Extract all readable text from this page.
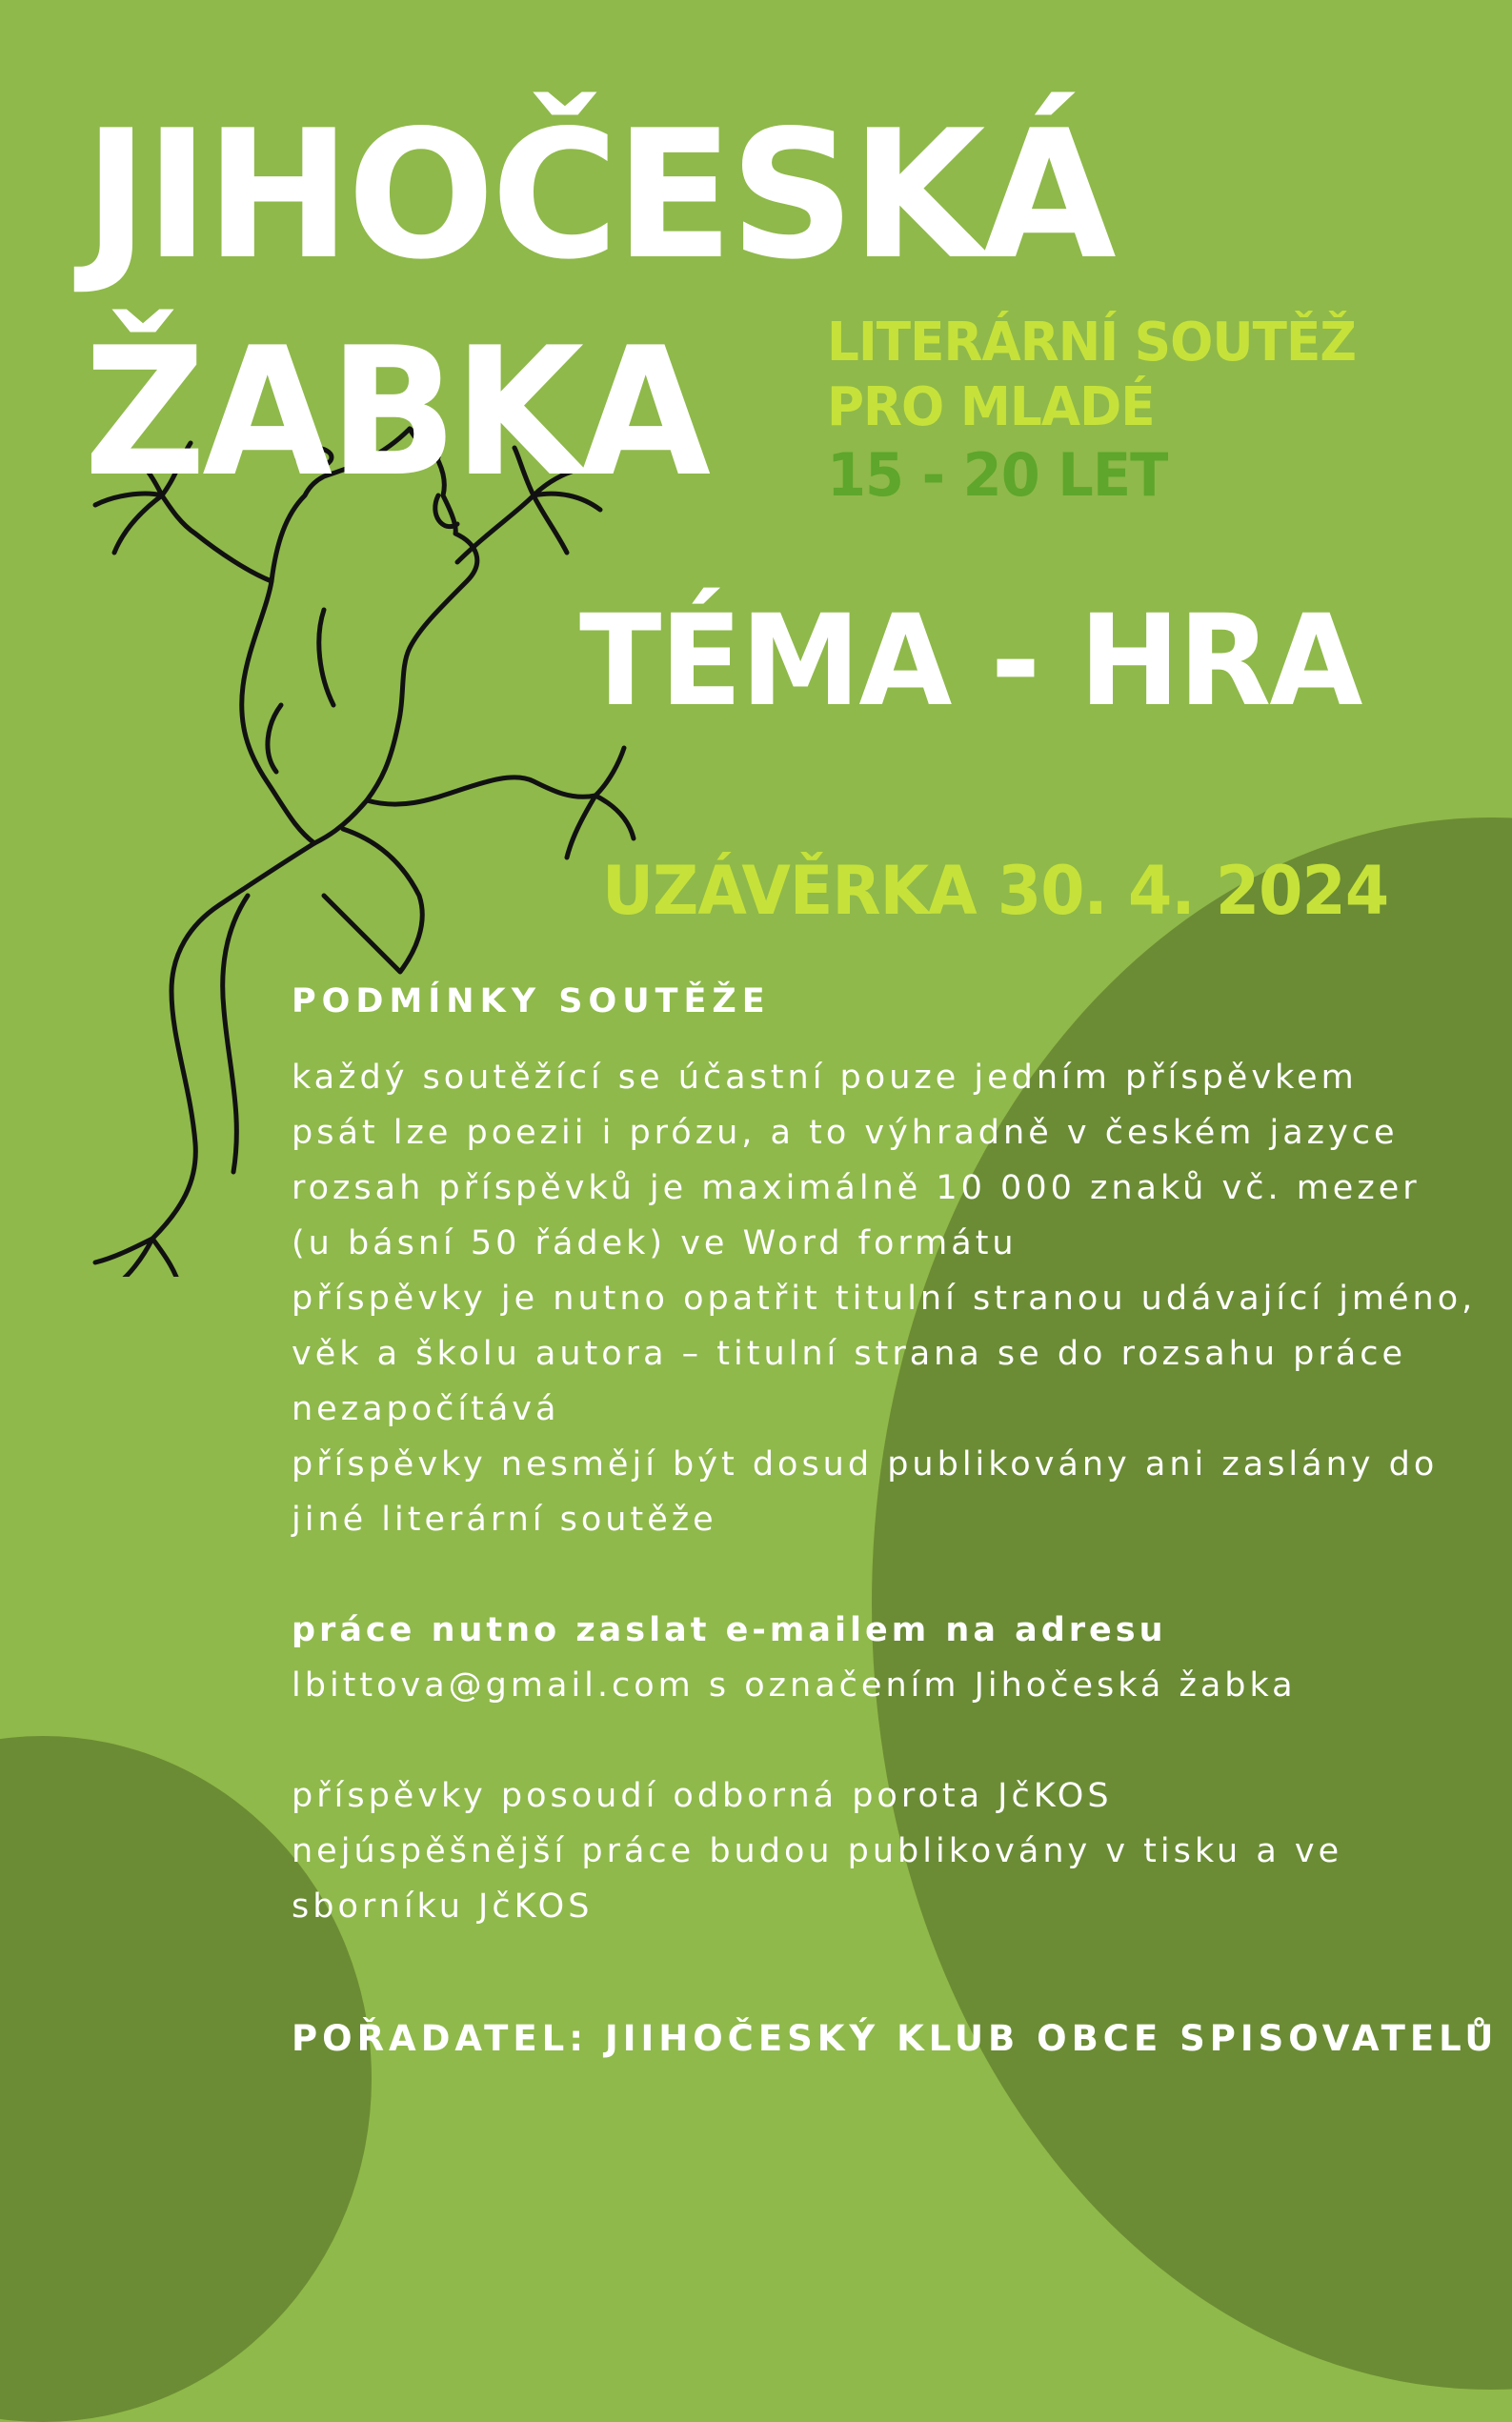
JIHOČESKÁ
ŽABKA LITERÁRNÍ SOUTĚŽ
PRO MLADÉ
15 - 20 LET
TÉMA - HRA
UZÁVĚRKA 30. 4. 2024
PODMÍNKY SOUTĚŽE
každý soutěžící se účastní pouze jedním příspěvkem
psát lze poezii i prózu, a to výhradně v českém jazyce
rozsah příspěvků je maximálně 10 000 znaků vč. mezer
(u básní 50 řádek) ve Word formátu
příspěvky je nutno opatřit titulní stranou udávající jméno,
věk a školu autora – titulní strana se do rozsahu práce
nezapočítává
příspěvky nesmějí být dosud publikovány ani zaslány do
jiné literární soutěže
práce nutno zaslat e-mailem na adresu
lbittova@gmail.com s označením Jihočeská žabka
příspěvky posoudí odborná porota JčKOS
nejúspěšnější práce budou publikovány v tisku a ve
sborníku JčKOS
POŘADATEL: JIIHOČESKÝ KLUB OBCE SPISOVATELŮ
